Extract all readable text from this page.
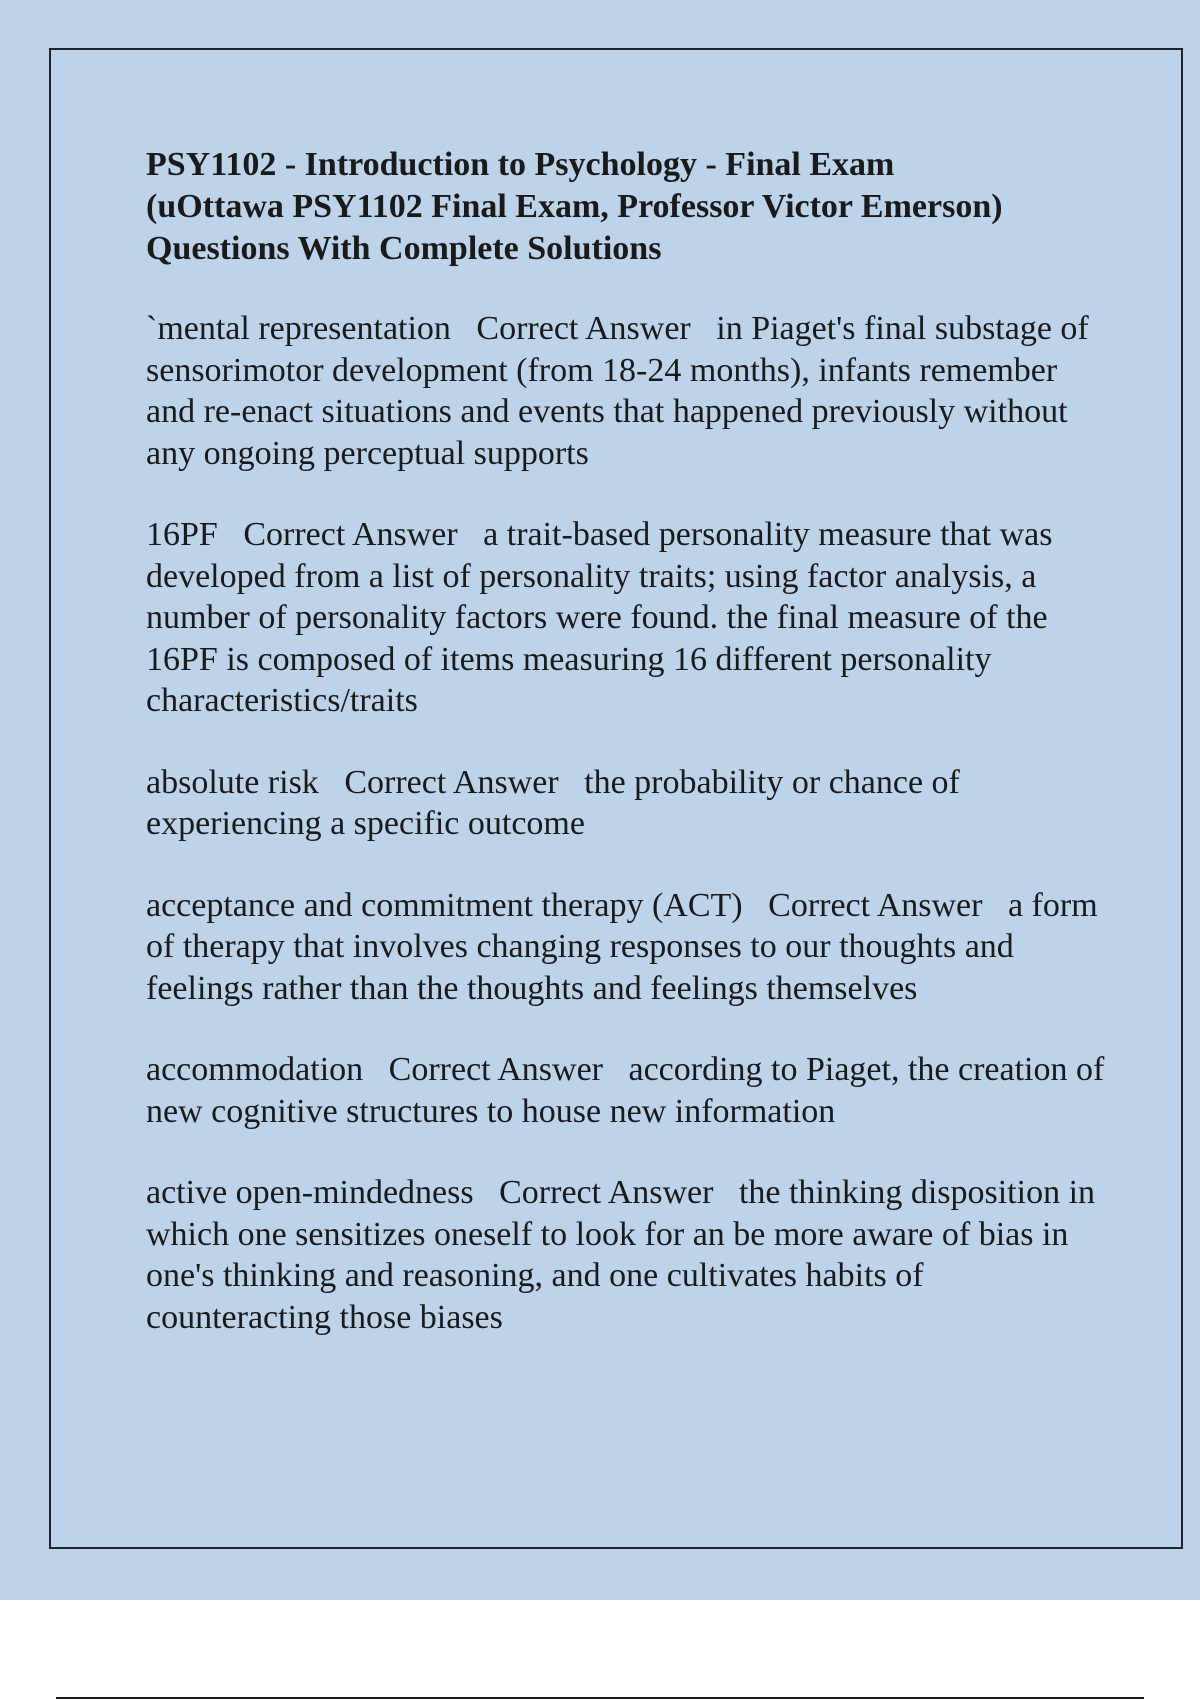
PSY1102 - Introduction to Psychology - Final Exam
(uOttawa PSY1102 Final Exam, Professor Victor Emerson)
Questions With Complete Solutions

`mental representation Correct Answer in Piaget's final substage of sensorimotor development (from 18-24 months), infants remember and re-enact situations and events that happened previously without any ongoing perceptual supports

16PF Correct Answer a trait-based personality measure that was developed from a list of personality traits; using factor analysis, a number of personality factors were found. the final measure of the 16PF is composed of items measuring 16 different personality characteristics/traits

absolute risk Correct Answer the probability or chance of experiencing a specific outcome

acceptance and commitment therapy (ACT) Correct Answer a form of therapy that involves changing responses to our thoughts and feelings rather than the thoughts and feelings themselves

accommodation Correct Answer according to Piaget, the creation of new cognitive structures to house new information

active open-mindedness Correct Answer the thinking disposition in which one sensitizes oneself to look for an be more aware of bias in one's thinking and reasoning, and one cultivates habits of counteracting those biases
